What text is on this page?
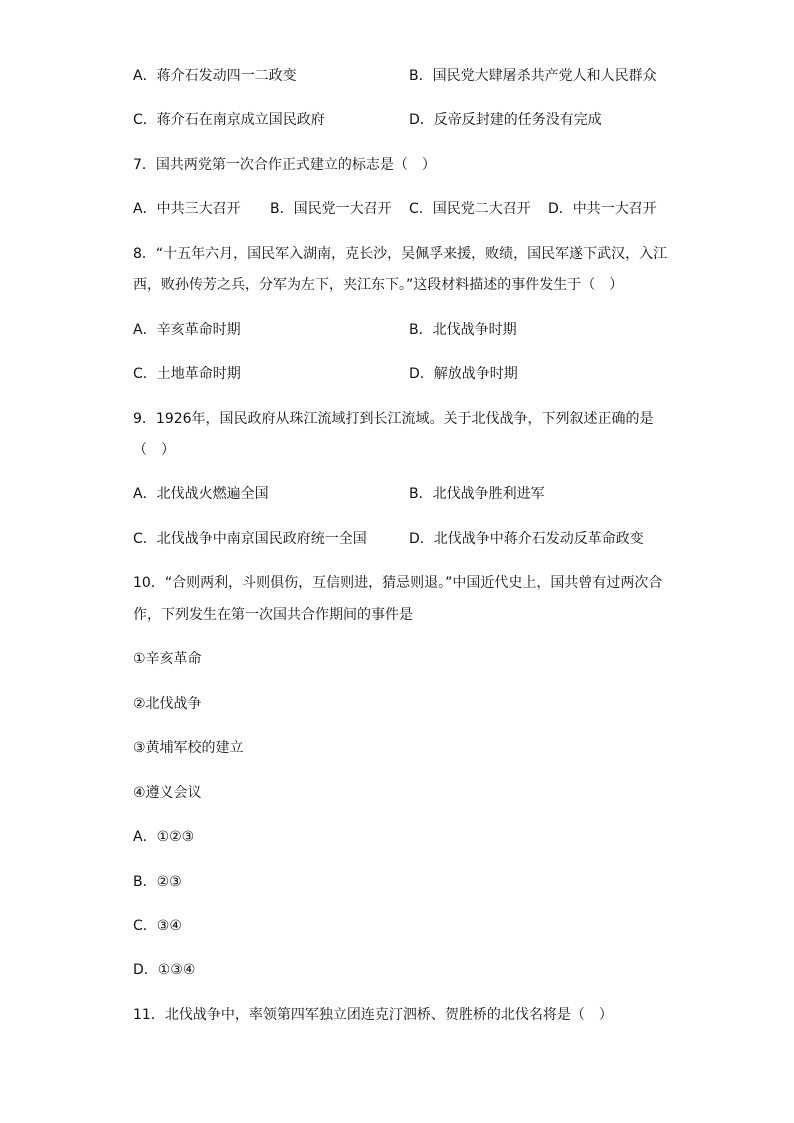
A．蒋介石发动四一二政变	B．国民党大肆屠杀共产党人和人民群众
C．蒋介石在南京成立国民政府	D．反帝反封建的任务没有完成
7．国共两党第一次合作正式建立的标志是（　）
A．中共三大召开 B．国民党一大召开 C．国民党二大召开 D．中共一大召开
8．“十五年六月，国民军入湖南，克长沙，吴佩孚来援，败绩，国民军遂下武汉，入江
西，败孙传芳之兵，分军为左下，夹江东下。”这段材料描述的事件发生于（　）
A．辛亥革命时期	B．北伐战争时期
C．土地革命时期	D．解放战争时期
9．1926年，国民政府从珠江流域打到长江流域。关于北伐战争，下列叙述正确的是
（　）
A．北伐战火燃遍全国	B．北伐战争胜利进军
C．北伐战争中南京国民政府统一全国	D．北伐战争中蒋介石发动反革命政变
10．“合则两利，斗则俱伤，互信则进，猜忌则退。”中国近代史上，国共曾有过两次合
作，下列发生在第一次国共合作期间的事件是
①辛亥革命
②北伐战争
③黄埔军校的建立
④遵义会议
A．①②③
B．②③
C．③④
D．①③④
11．北伐战争中，率领第四军独立团连克汀泗桥、贺胜桥的北伐名将是（　）
